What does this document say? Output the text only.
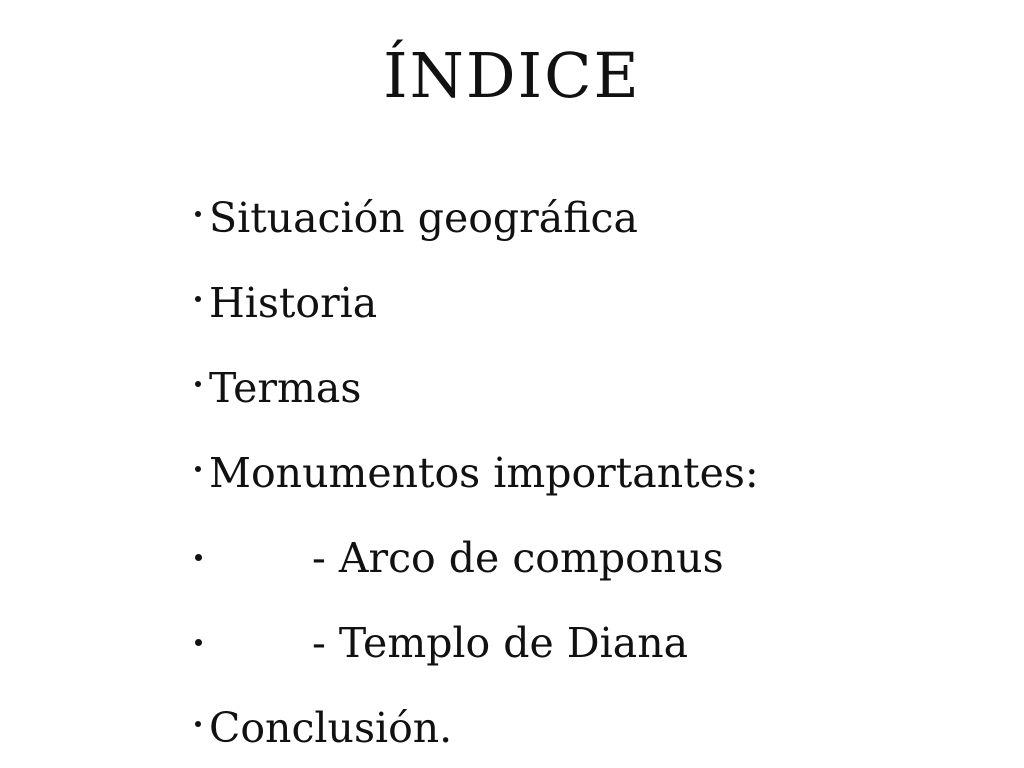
ÍNDICE
Situación geográfica
Historia
Termas
Monumentos importantes:
- Arco de componus
- Templo de Diana
Conclusión.
